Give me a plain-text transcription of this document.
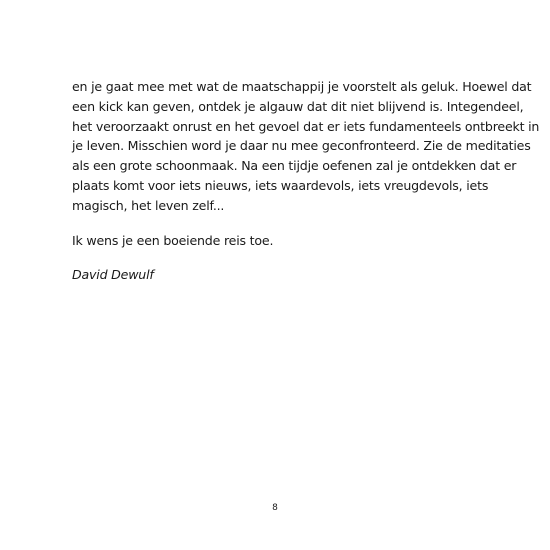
en je gaat mee met wat de maatschappij je voorstelt als geluk. Hoewel dat
een kick kan geven, ontdek je algauw dat dit niet blijvend is. Integendeel,
het veroorzaakt onrust en het gevoel dat er iets fundamenteels ontbreekt in
je leven. Misschien word je daar nu mee geconfronteerd. Zie de meditaties
als een grote schoonmaak. Na een tijdje oefenen zal je ontdekken dat er
plaats komt voor iets nieuws, iets waardevols, iets vreugdevols, iets
magisch, het leven zelf...
Ik wens je een boeiende reis toe.
David Dewulf
8
